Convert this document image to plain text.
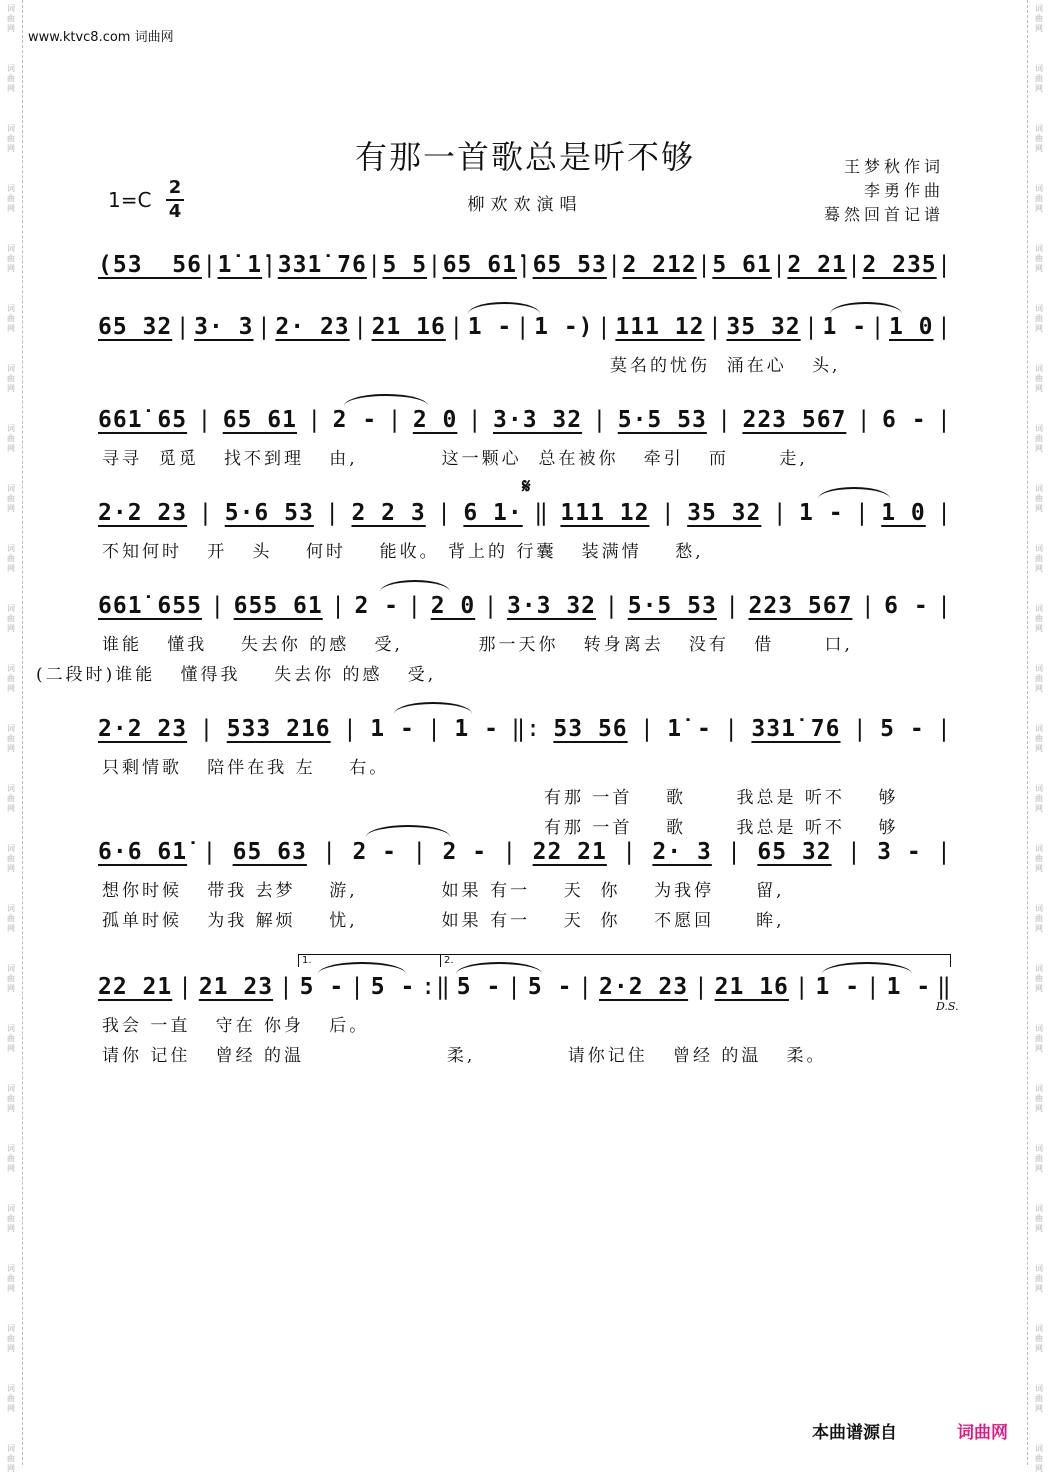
www.ktvc8.com 词曲网
有那一首歌总是听不够
柳欢欢演唱
王梦秋作词
李勇作曲
蓦然回首记谱
1=C
2
4
(53  56 | 1̇ 1̇ | 331̇ 76 | 5 5 | 65 61̇ | 65 53 | 2 212 | 5 61 | 2 21 | 2 235 |
65 32 | 3· 3 | 2· 23 | 21 16 | 1 - | 1 -) | 111 12 | 35 32 | 1 - | 1 0 |
莫名的忧伤  涌在心   头,
661̇ 65 | 65 61 | 2 - | 2 0 | 3·3 32 | 5·5 53 | 223 567 | 6 - |
寻寻  觅觅   找不到理   由,          这一颗心  总在被你   牵引   而      走,
2·2 23 | 5·6 53 | 2 2 3 | 6 1· ‖ 111 12 | 35 32 | 1 - | 1 0 |
不知何时   开   头    何时    能收。 背上的 行囊   装满情    愁,
661̇ 655 | 655 61 | 2 - | 2 0 | 3·3 32 | 5·5 53 | 223 567 | 6 - |
谁能   懂我    失去你 的感   受,         那一天你   转身离去   没有   借      口,
(二段时)谁能   懂得我    失去你 的感   受,
2·2 23 | 533 216 | 1 - | 1 - ‖: 53 56 | 1̇ - | 331̇ 76 | 5 - |
只剩情歌   陪伴在我 左    右。
有那 一首    歌      我总是 听不    够
有那 一首    歌      我总是 听不    够
6·6 61̇ | 65 63 | 2 - | 2 - | 22 21 | 2· 3 | 65 32 | 3 - |
想你时候   带我 去梦    游,          如果 有一    天  你    为我停     留,
孤单时候   为我 解烦    忧,          如果 有一    天  你    不愿回     眸,
22 21 | 21 23 | 5 - | 5 - :‖ 5 - | 5 - | 2·2 23 | 21 16 | 1 - | 1 - ‖
我会 一直   守在 你身   后。
请你 记住   曾经 的温                 柔,           请你记住   曾经 的温   柔。
1.	2.
𝄋
D.S.
本曲谱源自	词曲网
词
曲
网
词
曲
网
词
曲
网
词
曲
网
词
曲
网
词
曲
网
词
曲
网
词
曲
网
词
曲
网
词
曲
网
词
曲
网
词
曲
网
词
曲
网
词
曲
网
词
曲
网
词
曲
网
词
曲
网
词
曲
网
词
曲
网
词
曲
网
词
曲
网
词
曲
网
词
曲
网
词
曲
网
词
曲
网
词
曲
网
词
曲
网
词
曲
网
词
曲
网
词
曲
网
词
曲
网
词
曲
网
词
曲
网
词
曲
网
词
曲
网
词
曲
网
词
曲
网
词
曲
网
词
曲
网
词
曲
网
词
曲
网
词
曲
网
词
曲
网
词
曲
网
词
曲
网
词
曲
网
词
曲
网
词
曲
网
词
曲
网
词
曲
网
